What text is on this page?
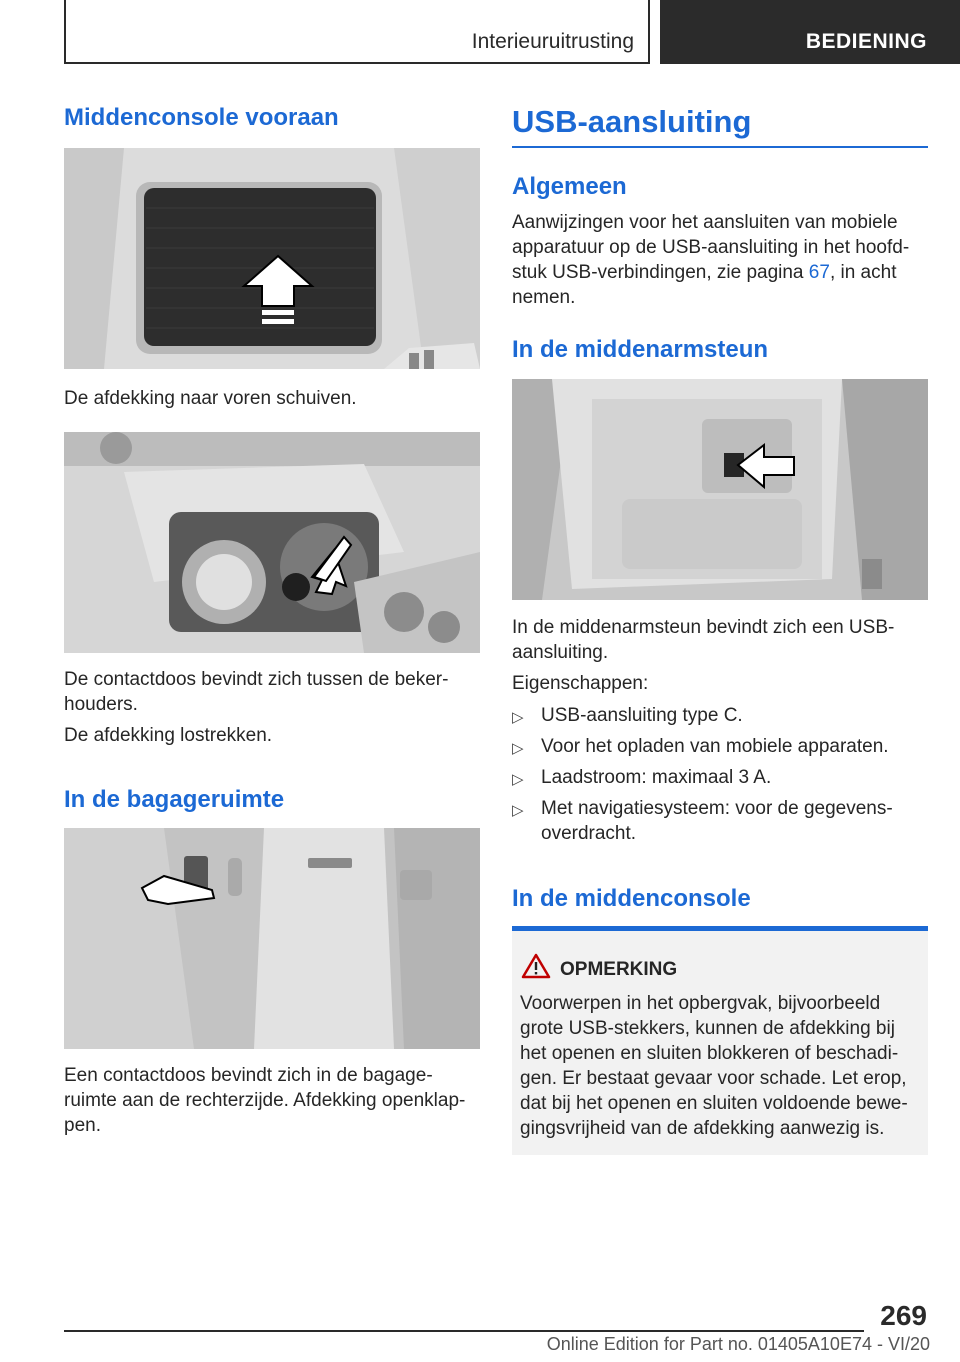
Interieuruitrusting	BEDIENING
Middenconsole vooraan
De afdekking naar voren schuiven.
De contactdoos bevindt zich tussen de beker-houders.
De afdekking lostrekken.
In de bagageruimte
Een contactdoos bevindt zich in de bagage-ruimte aan de rechterzijde. Afdekking openklap-pen.
USB-aansluiting
Algemeen
Aanwijzingen voor het aansluiten van mobiele apparatuur op de USB-aansluiting in het hoofd-stuk USB-verbindingen, zie pagina 67, in acht nemen.
In de middenarmsteun
In de middenarmsteun bevindt zich een USB-aansluiting.
Eigenschappen:
▷ USB-aansluiting type C.
▷ Voor het opladen van mobiele apparaten.
▷ Laadstroom: maximaal 3 A.
▷ Met navigatiesysteem: voor de gegevens-overdracht.
In de middenconsole
OPMERKING
Voorwerpen in het opbergvak, bijvoorbeeld grote USB-stekkers, kunnen de afdekking bij het openen en sluiten blokkeren of beschadi-gen. Er bestaat gevaar voor schade. Let erop, dat bij het openen en sluiten voldoende bewe-gingsvrijheid van de afdekking aanwezig is.
269
Online Edition for Part no. 01405A10E74 - VI/20
